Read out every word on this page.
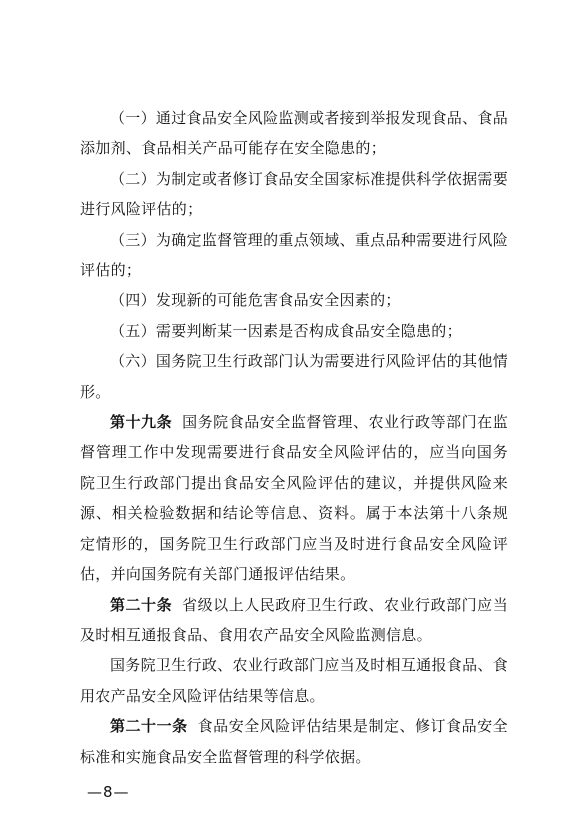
（一）通过食品安全风险监测或者接到举报发现食品、食品添加剂、食品相关产品可能存在安全隐患的；

（二）为制定或者修订食品安全国家标准提供科学依据需要进行风险评估的；

（三）为确定监督管理的重点领域、重点品种需要进行风险评估的；

（四）发现新的可能危害食品安全因素的；

（五）需要判断某一因素是否构成食品安全隐患的；

（六）国务院卫生行政部门认为需要进行风险评估的其他情形。

第十九条 国务院食品安全监督管理、农业行政等部门在监督管理工作中发现需要进行食品安全风险评估的，应当向国务院卫生行政部门提出食品安全风险评估的建议，并提供风险来源、相关检验数据和结论等信息、资料。属于本法第十八条规定情形的，国务院卫生行政部门应当及时进行食品安全风险评估，并向国务院有关部门通报评估结果。

第二十条 省级以上人民政府卫生行政、农业行政部门应当及时相互通报食品、食用农产品安全风险监测信息。

国务院卫生行政、农业行政部门应当及时相互通报食品、食用农产品安全风险评估结果等信息。

第二十一条 食品安全风险评估结果是制定、修订食品安全标准和实施食品安全监督管理的科学依据。

—8—
